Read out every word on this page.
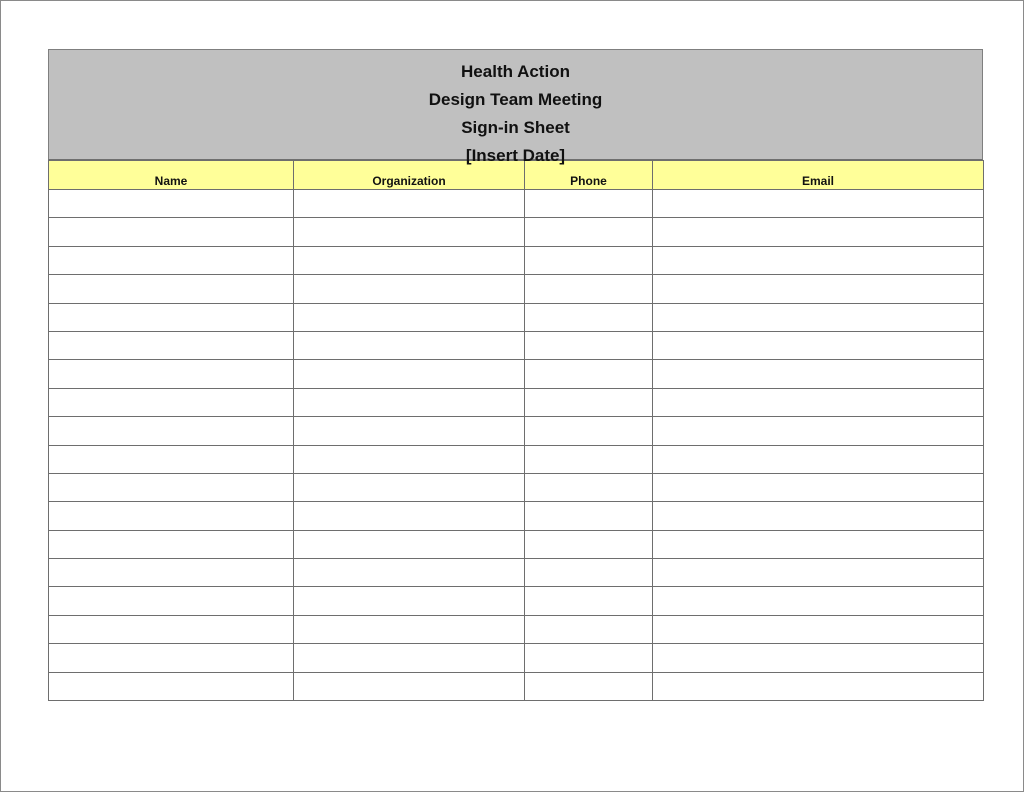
Health Action
Design Team Meeting
Sign-in Sheet
[Insert Date]
Name	Organization	Phone	Email
